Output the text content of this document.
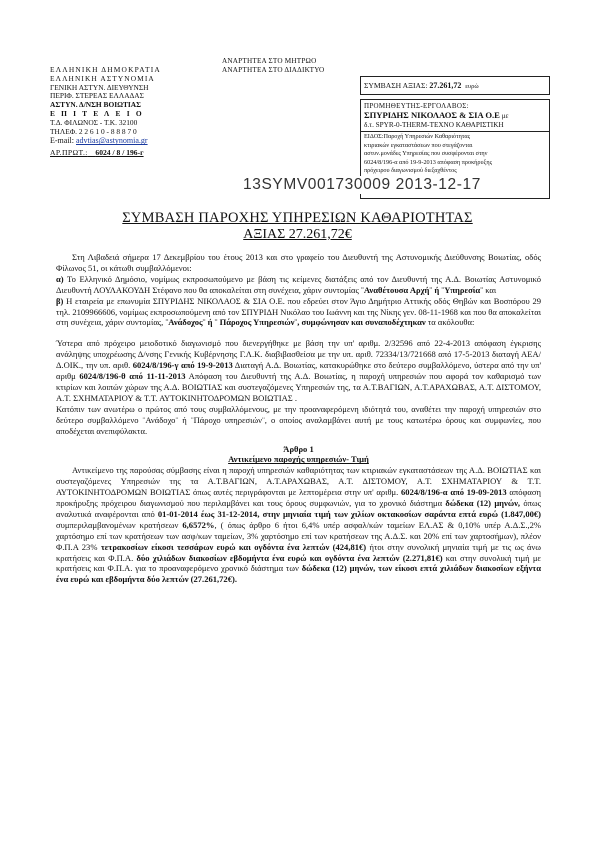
ΑΝΑΡΤΗΤΕΑ ΣΤΟ ΜΗΤΡΩΟ
ΑΝΑΡΤΗΤΕΑ ΣΤΟ ΔΙΑΔΙΚΤΥΟ
ΕΛΛΗΝΙΚΗ ΔΗΜΟΚΡΑΤΙΑ
ΕΛΛΗΝΙΚΗ ΑΣΤΥΝΟΜΙΑ
ΓΕΝΙΚΗ ΑΣΤΥΝ. ΔΙΕΥΘΥΝΣΗ
ΠΕΡΙΦ. ΣΤΕΡΕΑΣ ΕΛΛΑΔΑΣ
ΑΣΤΥΝ. Δ/ΝΣΗ ΒΟΙΩΤΙΑΣ
Ε Π Ι Τ Ε Λ Ε Ι Ο
Τ.Δ. ΦΙΛΩΝΟΣ - Τ.Κ. 32100
ΤΗΛΕΦ. 2 2 6 1 0 - 8 8 8 7 0
E-mail: advtias@astynomia.gr
ΑΡ.ΠΡΩΤ.: 6024 / 8 / 196-г
ΣΥΜΒΑΣΗ ΑΞΙΑΣ: 27.261,72 ευρώ
ΠΡΟΜΗΘΕΥΤΗΣ-ΕΡΓΟΛΑΒΟΣ:
ΣΠΥΡΙΔΗΣ ΝΙΚΟΛΑΟΣ & ΣΙΑ Ο.Ε με
δ.τ. SPYR-0-THERM-ΤΕΧΝΟ ΚΑΘΑΡΙΣΤΙΚΗ
ΕΙΔΟΣ:Παροχή Υπηρεσιών Καθαριότητας
κτιριακών εγκαταστάσεων που στεγάζονται
αστυν.μονάδες Υπηρεσίας που συσφέρονται στην
6024/8/196-α από 19-9-2013 απόφαση προκήρυξης
πρόχειρου διαγωνισμού διεξαχθέντος
13SYMV001730009 2013-12-17
ΣΥΜΒΑΣΗ ΠΑΡΟΧΗΣ ΥΠΗΡΕΣΙΩΝ ΚΑΘΑΡΙΟΤΗΤΑΣ
ΑΞΙΑΣ 27.261,72€

Στη Λιβαδειά σήμερα 17 Δεκεμβρίου του έτους 2013 και στο γραφείο του Διευθυντή της Αστυνομικής Διεύθυνσης Βοιωτίας, οδός Φίλωνος 51, οι κάτωθι συμβαλλόμενοι:

α) Το Ελληνικό Δημόσιο, νομίμως εκπροσωπούμενο με βάση τις κείμενες διατάξεις από τον Διευθυντή της Α.Δ. Βοιωτίας Αστυνομικό Διευθυντή ΛΟΥΛΑΚΟΥΔΗ Στέφανο που θα αποκαλείται στη συνέχεια, χάριν συντομίας ¨Αναθέτουσα Αρχή¨ ή ¨Υπηρεσία¨ και

β) Η εταιρεία με επωνυμία ΣΠΥΡΙΔΗΣ ΝΙΚΟΛΑΟΣ & ΣΙΑ Ο.Ε. που εδρεύει στον Άγιο Δημήτριο Αττικής οδός Θηβών και Βοσπόρου 29 τηλ. 2109966606, νομίμως εκπροσωπούμενη από τον ΣΠΥΡΙΔΗ Νικόλαο του Ιωάννη και της Νίκης γεν. 08-11-1968 και που θα αποκαλείται στη συνέχεια, χάριν συντομίας, ¨Ανάδοχος¨ ή ¨ Πάροχος Υπηρεσιών¨, συμφώνησαν και συναποδέχτηκαν τα ακόλουθα:

Ύστερα από πρόχειρο μειοδοτικό διαγωνισμό που διενεργήθηκε με βάση την υπ' αριθμ. 2/32596 από 22-4-2013 απόφαση έγκρισης ανάληψης υποχρέωσης Δ/νσης Γενικής Κυβέρνησης Γ.Λ.Κ. διαβιβασθείσα με την υπ. αριθ. 72334/13/721668 από 17-5-2013 διαταγή ΑΕΑ/Δ.ΟΙΚ., την υπ. αριθ. 6024/8/196-γ από 19-9-2013 Διαταγή Α.Δ. Βοιωτίας, κατακυρώθηκε στο δεύτερο συμβαλλόμενο, ύστερα από την υπ' αριθμ 6024/8/196-θ από 11-11-2013 Απόφαση του Διευθυντή της Α.Δ. Βοιωτίας, η παροχή υπηρεσιών που αφορά τον καθαρισμό των κτιρίων και λοιπών χώρων της Α.Δ. ΒΟΙΩΤΙΑΣ και συστεγαζόμενες Υπηρεσιών της, τα Α.Τ.ΒΑΓΙΩΝ, Α.Τ.ΑΡΑΧΩΒΑΣ, Α.Τ. ΔΙΣΤΟΜΟΥ, Α.Τ. ΣΧΗΜΑΤΑΡΙΟΥ & Τ.Τ. ΑΥΤΟΚΙΝΗΤΟΔΡΟΜΩΝ ΒΟΙΩΤΙΑΣ .

Κατόπιν των ανωτέρω ο πρώτος από τους συμβαλλόμενους, με την προαναφερόμενη ιδιότητά του, αναθέτει την παροχή υπηρεσιών στο δεύτερο συμβαλλόμενο ¨Ανάδοχο¨ ή ¨Πάροχο υπηρεσιών¨, ο οποίος αναλαμβάνει αυτή με τους κατωτέρω όρους και συμφωνίες, που αποδέχεται ανεπιφύλακτα.

Άρθρο 1
Αντικείμενο παροχής υπηρεσιών- Τιμή

Αντικείμενο της παρούσας σύμβασης είναι η παροχή υπηρεσιών καθαριότητας των κτιριακών εγκαταστάσεων της Α.Δ. ΒΟΙΩΤΙΑΣ και συστεγαζόμενες Υπηρεσιών της τα Α.Τ.ΒΑΓΙΩΝ, Α.Τ.ΑΡΑΧΩΒΑΣ, Α.Τ. ΔΙΣΤΟΜΟΥ, Α.Τ. ΣΧΗΜΑΤΑΡΙΟΥ & Τ.Τ. ΑΥΤΟΚΙΝΗΤΟΔΡΟΜΩΝ ΒΟΙΩΤΙΑΣ όπως αυτές περιγράφονται με λεπτομέρεια στην υπ' αριθμ. 6024/8/196-α από 19-09-2013 απόφαση προκήρυξης πρόχειρου διαγωνισμού που περιλαμβάνει και τους όρους συμφωνιών, για το χρονικό διάστημα δώδεκα (12) μηνών, όπως αναλυτικά αναφέρονται από 01-01-2014 έως 31-12-2014, στην μηνιαία τιμή των χιλίων οκτακοσίων σαράντα επτά ευρώ (1.847,00€) συμπεριλαμβανομένων κρατήσεων 6,6572%, ( όπως άρθρο 6 ήτοι 6,4% υπέρ ασφαλ/κών ταμείων ΕΛ.ΑΣ & 0,10% υπέρ Α.Δ.Σ.,2% χαρτόσημο επί των κρατήσεων των ασφ/κων ταμείων, 3% χαρτόσημο επί των κρατήσεων της Α.Δ.Σ. και 20% επί των χαρτοσήμων), πλέον Φ.Π.Α 23% τετρακοσίων είκοσι τεσσάρων ευρώ και ογδόντα ένα λεπτών (424,81€) ήτοι στην συνολική μηνιαία τιμή με τις ως άνω κρατήσεις και Φ.Π.Α. δύο χιλιάδων διακοσίων εβδομήντα ένα ευρώ και ογδόντα ένα λεπτών (2.271,81€) και στην συνολική τιμή με κρατήσεις και Φ.Π.Α. για το προαναφερόμενο χρονικό διάστημα των δώδεκα (12) μηνών, των είκοσι επτά χιλιάδων διακοσίων εξήντα ένα ευρώ και εβδομήντα δύο λεπτών (27.261,72€).
